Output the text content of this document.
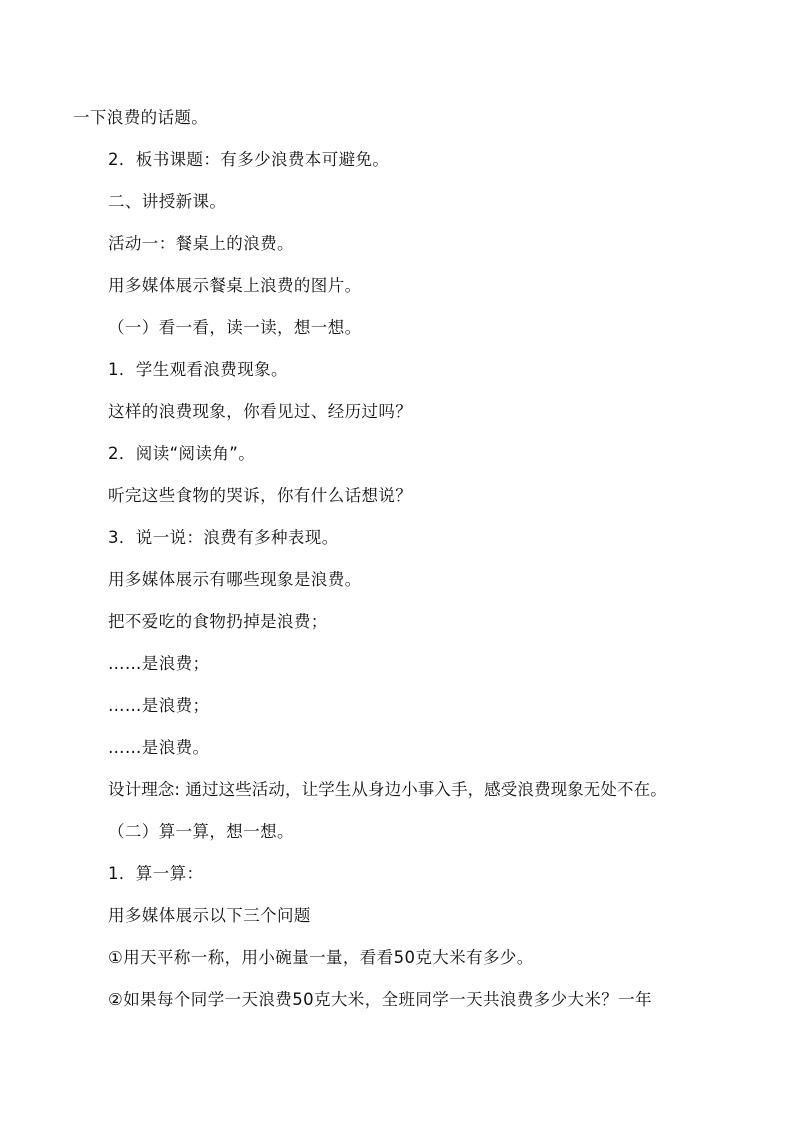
一下浪费的话题。
2．板书课题：有多少浪费本可避免。
二、讲授新课。
活动一：餐桌上的浪费。
用多媒体展示餐桌上浪费的图片。
（一）看一看，读一读，想一想。
1．学生观看浪费现象。
这样的浪费现象，你看见过、经历过吗？
2．阅读“阅读角”。
听完这些食物的哭诉，你有什么话想说？
3．说一说：浪费有多种表现。
用多媒体展示有哪些现象是浪费。
把不爱吃的食物扔掉是浪费；
……是浪费；
……是浪费；
……是浪费。
设计理念: 通过这些活动，让学生从身边小事入手，感受浪费现象无处不在。
（二）算一算，想一想。
1．算一算：
用多媒体展示以下三个问题
①用天平称一称，用小碗量一量，看看50克大米有多少。
②如果每个同学一天浪费50克大米，全班同学一天共浪费多少大米？一年
